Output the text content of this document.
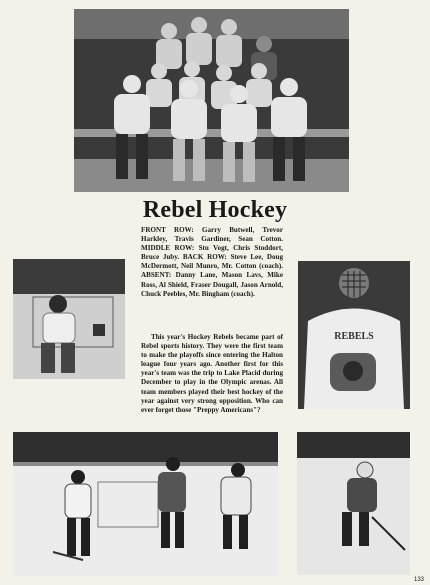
Rebel Hockey
FRONT ROW: Garry Butwell, Trevor Harkley, Travis Gardiner, Sean Cotton. MIDDLE ROW: Stu Vogt, Chris Stoddort, Bruce Juby. BACK ROW: Steve Lee, Doug McDermott, Neil Munro, Mr. Cotton (coach). ABSENT: Danny Lane, Mason Lavs, Mike Ross, Al Shield, Fraser Dougall, Jason Arnold, Chuck Peebles, Mr. Bingham (coach).
This year's Hockey Rebels became part of Rebel sports history. They were the first team to make the playoffs since entering the Halton league four years ago. Another first for this year's team was the trip to Lake Placid during December to play in the Olympic arenas. All team members played their best hockey of the year against very strong opposition. Who can ever forget those "Preppy Americans"?
REBELS
133
